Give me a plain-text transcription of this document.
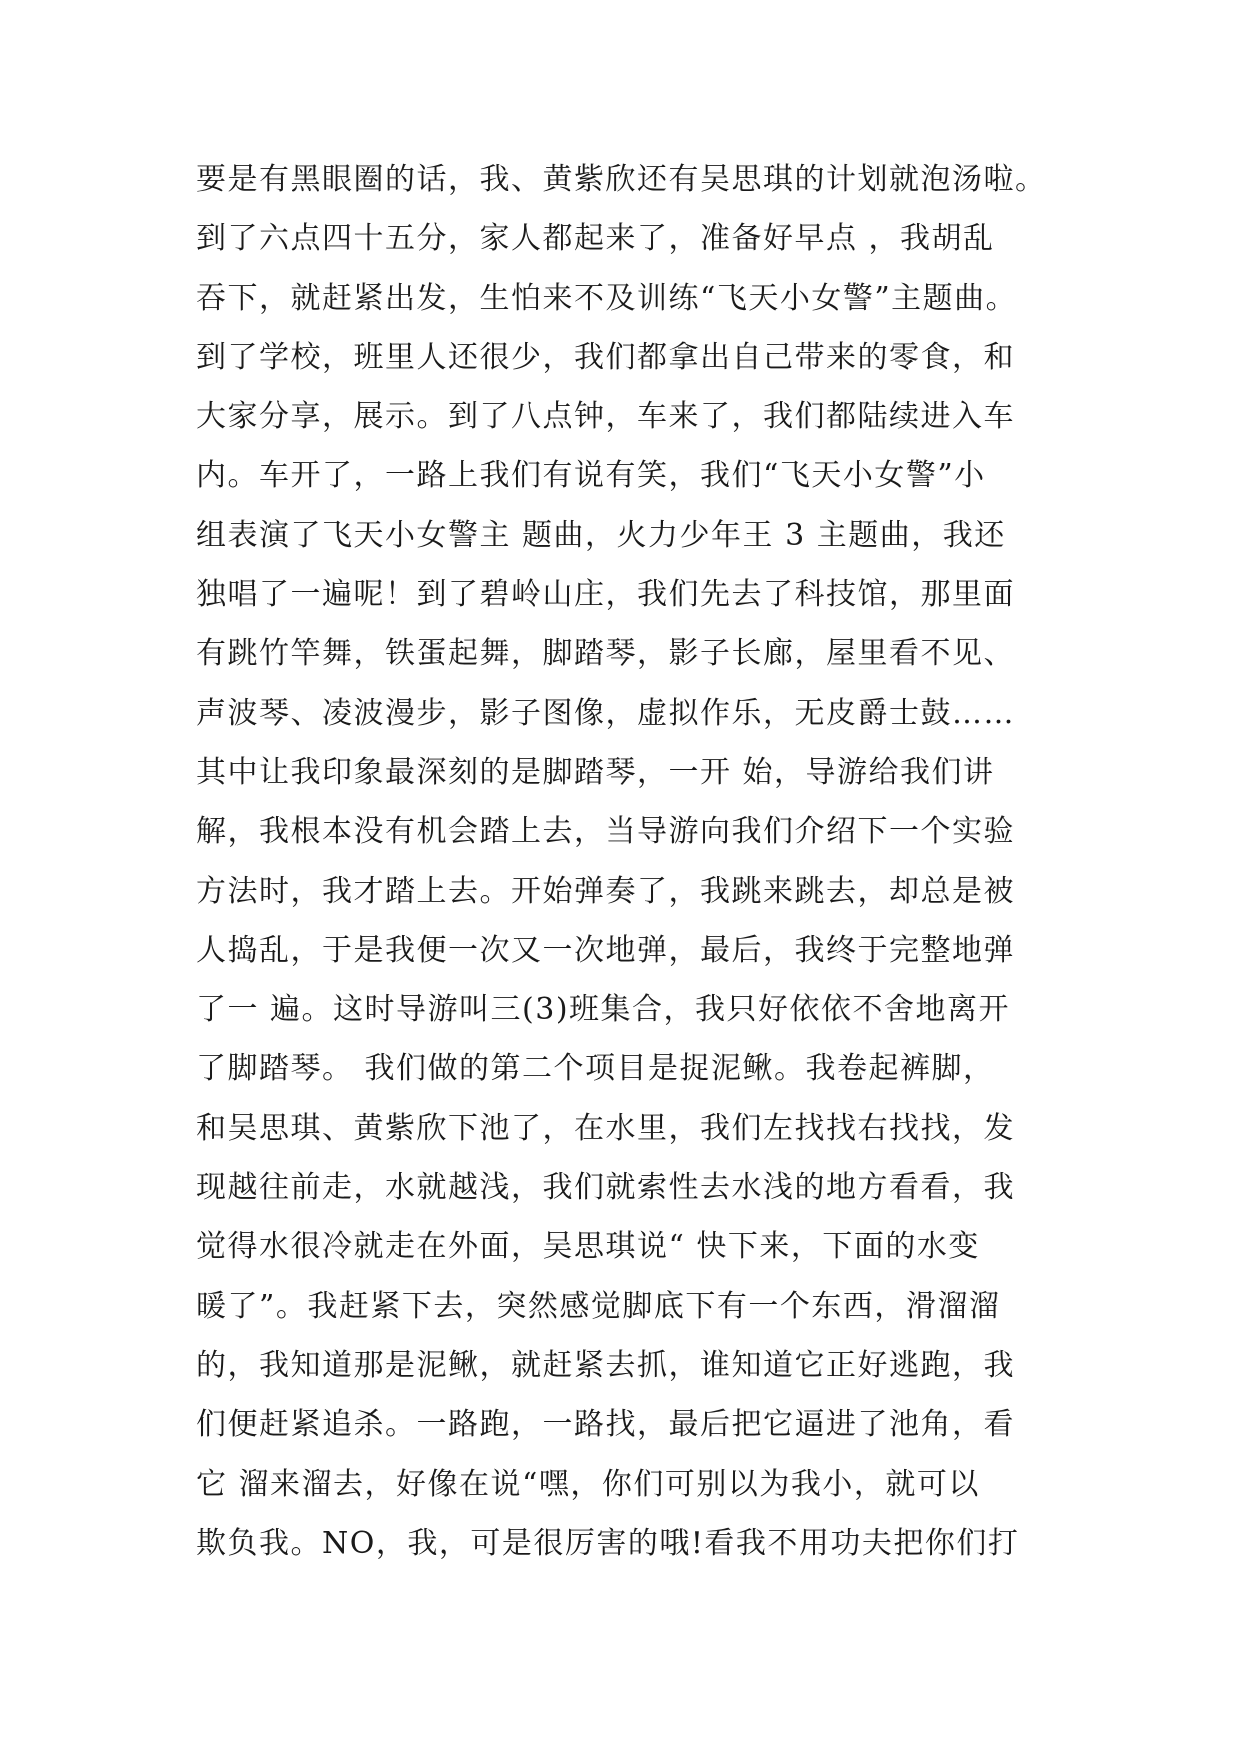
要是有黑眼圈的话，我、黄紫欣还有吴思琪的计划就泡汤啦。
到了六点四十五分，家人都起来了，准备好早点 ，我胡乱
吞下，就赶紧出发，生怕来不及训练“飞天小女警”主题曲。
到了学校，班里人还很少，我们都拿出自己带来的零食，和
大家分享，展示。到了八点钟，车来了，我们都陆续进入车
内。车开了，一路上我们有说有笑，我们“飞天小女警”小
组表演了飞天小女警主 题曲，火力少年王 3 主题曲，我还
独唱了一遍呢！到了碧岭山庄，我们先去了科技馆，那里面
有跳竹竿舞，铁蛋起舞，脚踏琴，影子长廊，屋里看不见、
声波琴、凌波漫步，影子图像，虚拟作乐，无皮爵士鼓……
其中让我印象最深刻的是脚踏琴，一开 始，导游给我们讲
解，我根本没有机会踏上去，当导游向我们介绍下一个实验
方法时，我才踏上去。开始弹奏了，我跳来跳去，却总是被
人捣乱，于是我便一次又一次地弹，最后，我终于完整地弹
了一 遍。这时导游叫三(3)班集合，我只好依依不舍地离开
了脚踏琴。 我们做的第二个项目是捉泥鳅。我卷起裤脚，
和吴思琪、黄紫欣下池了，在水里，我们左找找右找找，发
现越往前走，水就越浅，我们就索性去水浅的地方看看，我
觉得水很冷就走在外面，吴思琪说“ 快下来，下面的水变
暖了”。我赶紧下去，突然感觉脚底下有一个东西，滑溜溜
的，我知道那是泥鳅，就赶紧去抓，谁知道它正好逃跑，我
们便赶紧追杀。一路跑，一路找，最后把它逼进了池角，看
它 溜来溜去，好像在说“嘿，你们可别以为我小，就可以
欺负我。NO，我，可是很厉害的哦!看我不用功夫把你们打
